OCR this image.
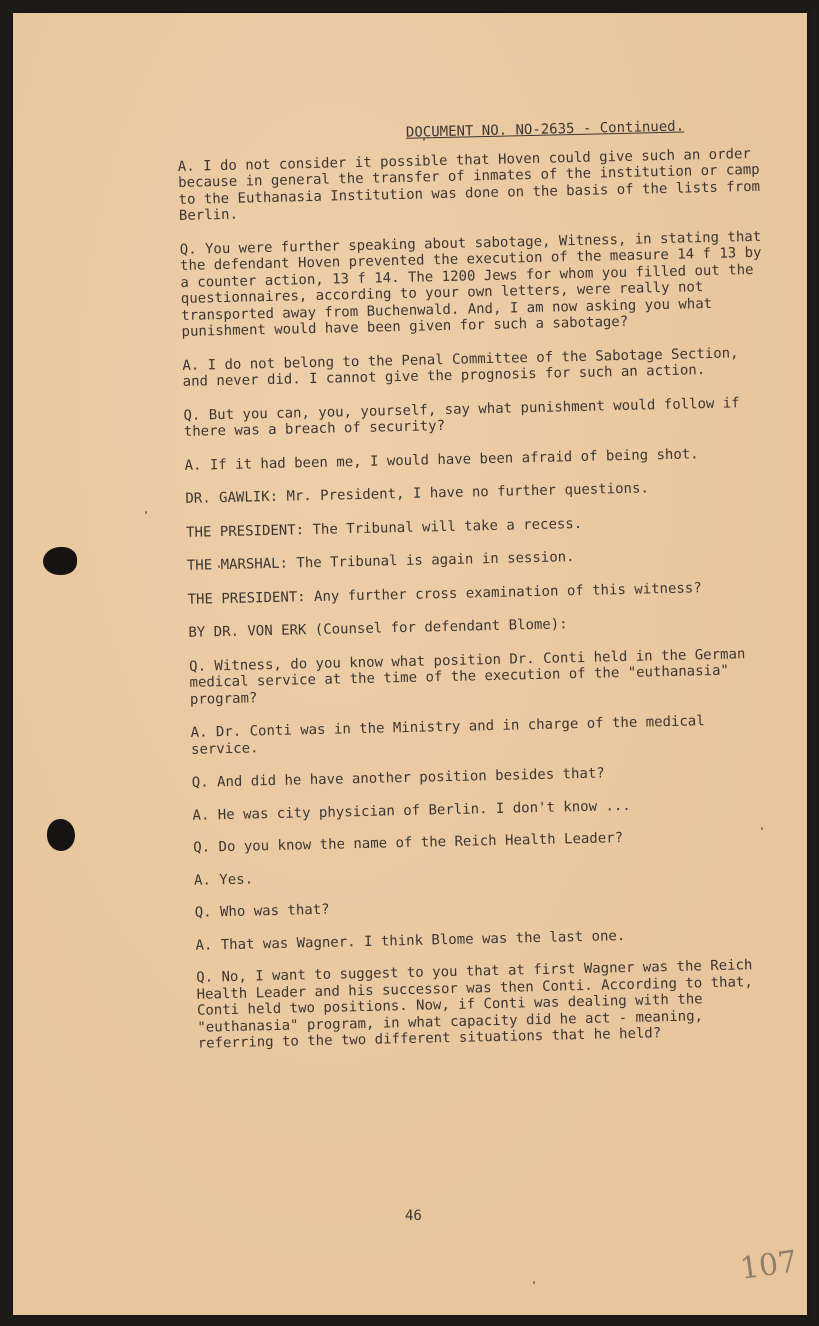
DOCUMENT NO. NO-2635 - Continued.

A. I do not consider it possible that Hoven could give such an order because in general the transfer of inmates of the institution or camp to the Euthanasia Institution was done on the basis of the lists from Berlin.

Q. You were further speaking about sabotage, Witness, in stating that the defendant Hoven prevented the execution of the measure 14 f 13 by a counter action, 13 f 14. The 1200 Jews for whom you filled out the questionnaires, according to your own letters, were really not transported away from Buchenwald. And, I am now asking you what punishment would have been given for such a sabotage?

A. I do not belong to the Penal Committee of the Sabotage Section, and never did. I cannot give the prognosis for such an action.

Q. But you can, you, yourself, say what punishment would follow if there was a breach of security?

A. If it had been me, I would have been afraid of being shot.

DR. GAWLIK: Mr. President, I have no further questions.

THE PRESIDENT: The Tribunal will take a recess.

THE MARSHAL: The Tribunal is again in session.

THE PRESIDENT: Any further cross examination of this witness?

BY DR. VON ERK (Counsel for defendant Blome):

Q. Witness, do you know what position Dr. Conti held in the German medical service at the time of the execution of the "euthanasia" program?

A. Dr. Conti was in the Ministry and in charge of the medical service.

Q. And did he have another position besides that?

A. He was city physician of Berlin. I don't know ...

Q. Do you know the name of the Reich Health Leader?

A. Yes.

Q. Who was that?

A. That was Wagner. I think Blome was the last one.

Q. No, I want to suggest to you that at first Wagner was the Reich Health Leader and his successor was then Conti. According to that, Conti held two positions. Now, if Conti was dealing with the "euthanasia" program, in what capacity did he act - meaning, referring to the two different situations that he held?

46
107
